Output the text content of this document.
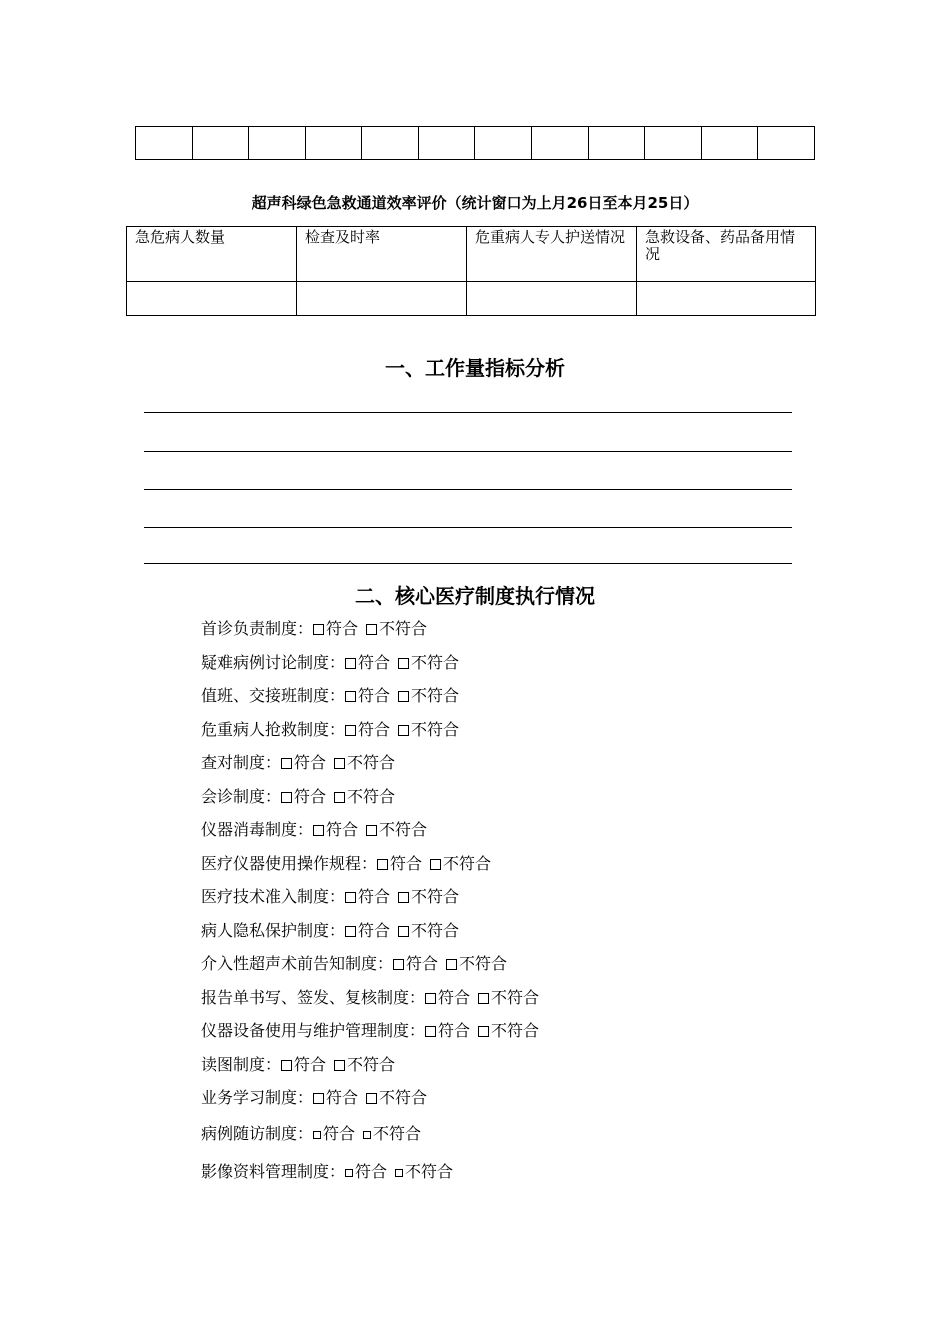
超声科绿色急救通道效率评价（统计窗口为上月26日至本月25日）
急危病人数量	检查及时率	危重病人专人护送情况	急救设备、药品备用情况

一、工作量指标分析
二、核心医疗制度执行情况
首诊负责制度： 符合 不符合
疑难病例讨论制度： 符合 不符合
值班、交接班制度： 符合 不符合
危重病人抢救制度： 符合 不符合
查对制度： 符合 不符合
会诊制度： 符合 不符合
仪器消毒制度： 符合 不符合
医疗仪器使用操作规程： 符合 不符合
医疗技术准入制度： 符合 不符合
病人隐私保护制度： 符合 不符合
介入性超声术前告知制度： 符合 不符合
报告单书写、签发、复核制度： 符合 不符合
仪器设备使用与维护管理制度： 符合 不符合
读图制度： 符合 不符合
业务学习制度： 符合 不符合
病例随访制度： 符合 不符合
影像资料管理制度： 符合 不符合
